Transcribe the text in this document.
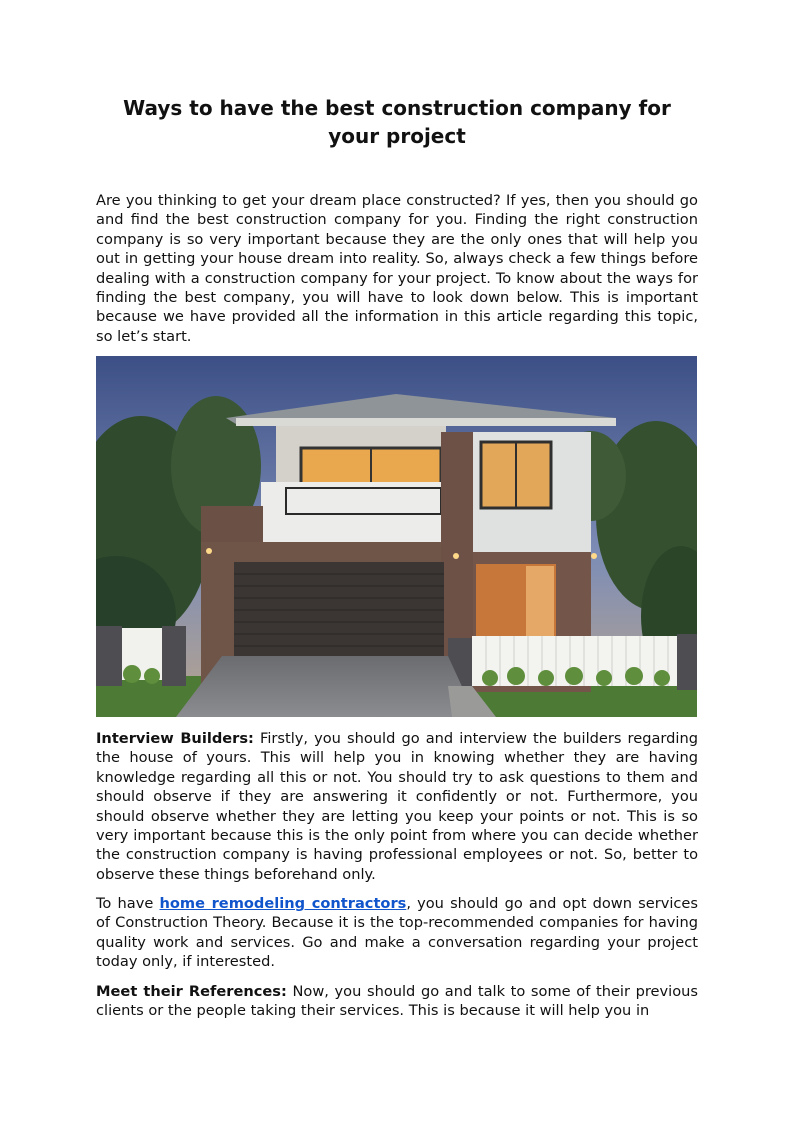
Ways to have the best construction company for your project

Are you thinking to get your dream place constructed? If yes, then you should go and find the best construction company for you. Finding the right construction company is so very important because they are the only ones that will help you out in getting your house dream into reality. So, always check a few things before dealing with a construction company for your project. To know about the ways for finding the best company, you will have to look down below. This is important because we have provided all the information in this article regarding this topic, so let’s start.

Interview Builders: Firstly, you should go and interview the builders regarding the house of yours. This will help you in knowing whether they are having knowledge regarding all this or not. You should try to ask questions to them and should observe if they are answering it confidently or not. Furthermore, you should observe whether they are letting you keep your points or not. This is so very important because this is the only point from where you can decide whether the construction company is having professional employees or not. So, better to observe these things beforehand only.

To have home remodeling contractors, you should go and opt down services of Construction Theory. Because it is the top-recommended companies for having quality work and services. Go and make a conversation regarding your project today only, if interested.

Meet their References: Now, you should go and talk to some of their previous clients or the people taking their services. This is because it will help you in
